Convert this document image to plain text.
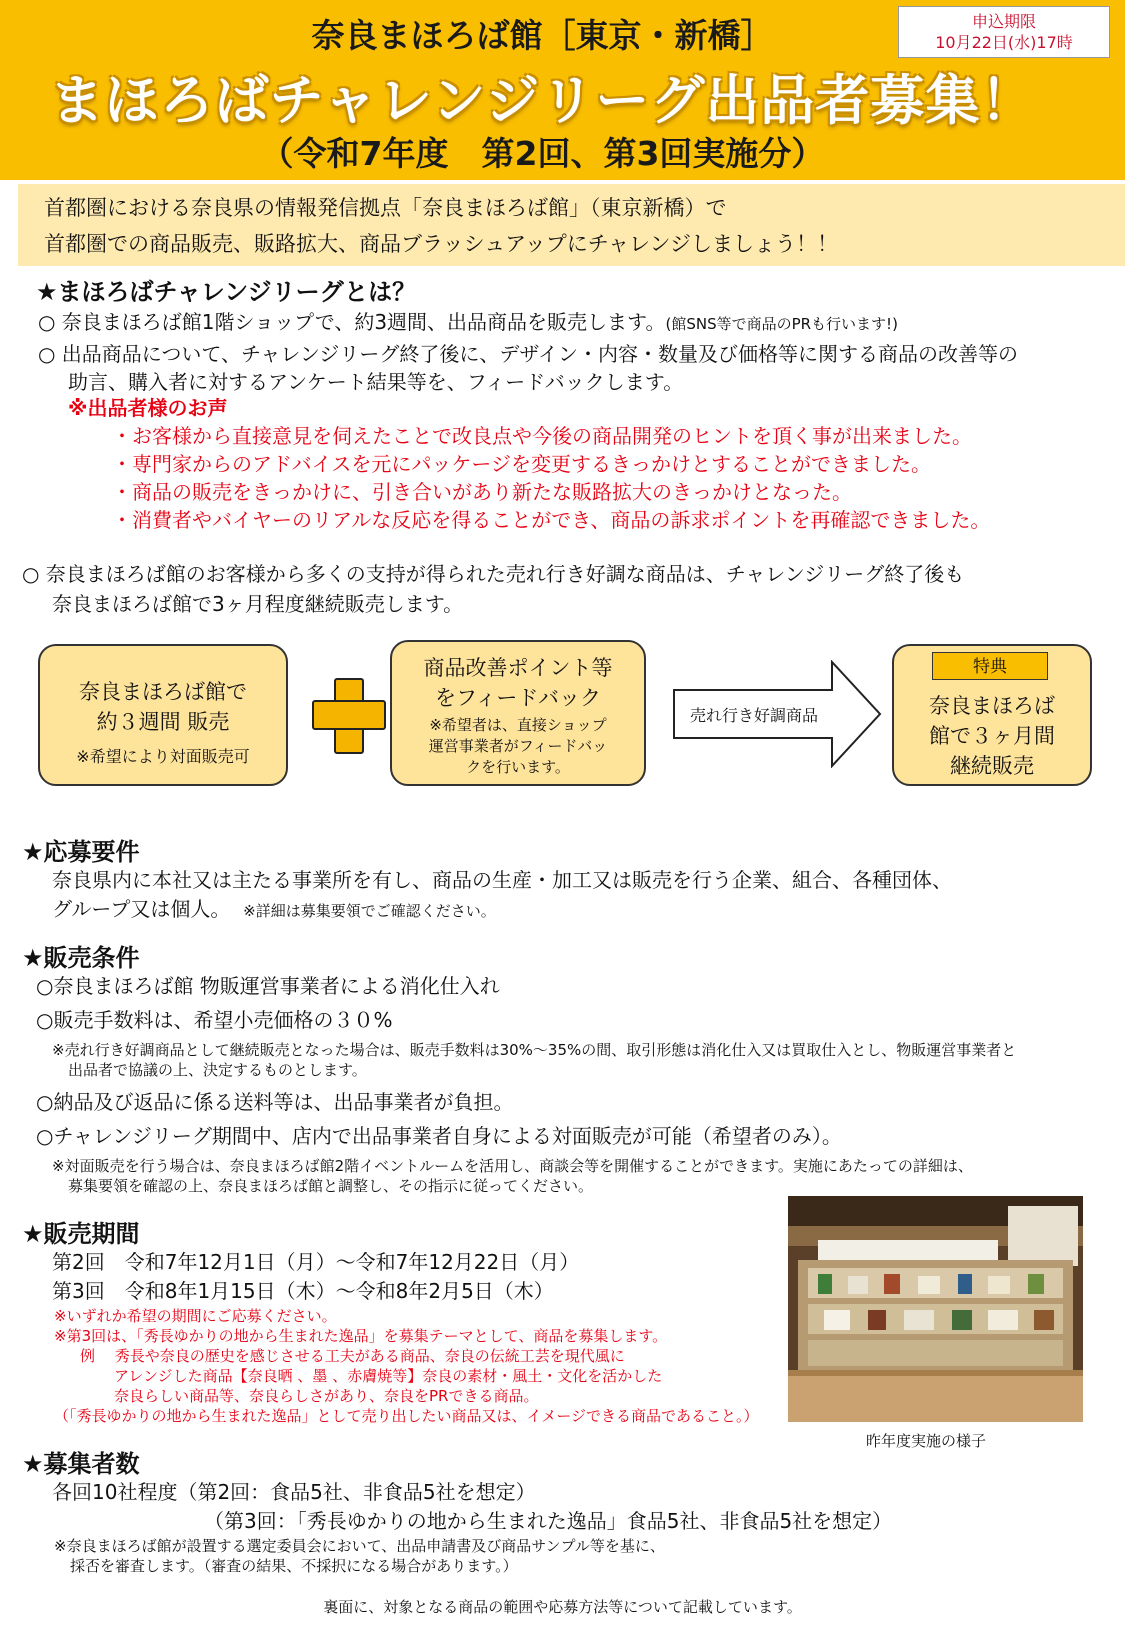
奈良まほろば館［東京・新橋］
まほろばチャレンジリーグ出品者募集！
（令和7年度　第2回、第3回実施分）
申込期限
10月22日(水)17時
首都圏における奈良県の情報発信拠点「奈良まほろば館」（東京新橋）で
首都圏での商品販売、販路拡大、商品ブラッシュアップにチャレンジしましょう！！
★まほろばチャレンジリーグとは？
○ 奈良まほろば館1階ショップで、約3週間、出品商品を販売します。(館SNS等で商品のPRも行います!)
○ 出品商品について、チャレンジリーグ終了後に、デザイン・内容・数量及び価格等に関する商品の改善等の
助言、購入者に対するアンケート結果等を、フィードバックします。
※出品者様のお声
・お客様から直接意見を伺えたことで改良点や今後の商品開発のヒントを頂く事が出来ました。
・専門家からのアドバイスを元にパッケージを変更するきっかけとすることができました。
・商品の販売をきっかけに、引き合いがあり新たな販路拡大のきっかけとなった。
・消費者やバイヤーのリアルな反応を得ることができ、商品の訴求ポイントを再確認できました。
○ 奈良まほろば館のお客様から多くの支持が得られた売れ行き好調な商品は、チャレンジリーグ終了後も
奈良まほろば館で3ヶ月程度継続販売します。
奈良まほろば館で
約３週間 販売
※希望により対面販売可
商品改善ポイント等
をフィードバック
※希望者は、直接ショップ
運営事業者がフィードバッ
クを行います。
売れ行き好調商品	奈良まほろば
館で３ヶ月間
継続販売
特典
★応募要件
奈良県内に本社又は主たる事業所を有し、商品の生産・加工又は販売を行う企業、組合、各種団体、
グループ又は個人。 ※詳細は募集要領でご確認ください。
★販売条件
○奈良まほろば館 物販運営事業者による消化仕入れ
○販売手数料は、希望小売価格の３０%
※売れ行き好調商品として継続販売となった場合は、販売手数料は30%～35%の間、取引形態は消化仕入又は買取仕入とし、物販運営事業者と
出品者で協議の上、決定するものとします。
○納品及び返品に係る送料等は、出品事業者が負担。
○チャレンジリーグ期間中、店内で出品事業者自身による対面販売が可能（希望者のみ）。
※対面販売を行う場合は、奈良まほろば館2階イベントルームを活用し、商談会等を開催することができます。実施にあたっての詳細は、
募集要領を確認の上、奈良まほろば館と調整し、その指示に従ってください。
★販売期間
第2回　令和7年12月1日（月）～令和7年12月22日（月）
第3回　令和8年1月15日（木）～令和8年2月5日（木）
※いずれか希望の期間にご応募ください。
※第3回は、「秀長ゆかりの地から生まれた逸品」を募集テーマとして、商品を募集します。
例　 秀長や奈良の歴史を感じさせる工夫がある商品、奈良の伝統工芸を現代風に
アレンジした商品【奈良晒 、墨 、赤膚焼等】奈良の素材・風土・文化を活かした
奈良らしい商品等、奈良らしさがあり、奈良をPRできる商品。
（「秀長ゆかりの地から生まれた逸品」として売り出したい商品又は、イメージできる商品であること。）
昨年度実施の様子
★募集者数
各回10社程度（第2回：食品5社、非食品5社を想定）
（第3回：「秀長ゆかりの地から生まれた逸品」食品5社、非食品5社を想定）
※奈良まほろば館が設置する選定委員会において、出品申請書及び商品サンプル等を基に、
採否を審査します。（審査の結果、不採択になる場合があります。）
裏面に、対象となる商品の範囲や応募方法等について記載しています。
